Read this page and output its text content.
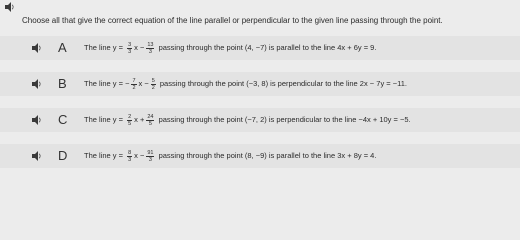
Choose all that give the correct equation of the line parallel or perpendicular to the given line passing through the point.
A The line $y = \frac{3}{3}$ $x - \frac{13}{3}$ passing through the point (4, −7) is parallel to the line 4x + 6y = 9.
B The line y = − $\frac{7}{2}$ $x - \frac{5}{2}$ passing through the point (−3, 8) is perpendicular to the line 2x − 7y = −11.
C The line $y = \frac{2}{5}$ $x + \frac{24}{5}$ passing through the point (−7, 2) is perpendicular to the line −4x + 10y = −5.
D The line $y = \frac{8}{3}$ $x - \frac{91}{3}$ passing through the point (8, −9) is parallel to the line 3x + 8y = 4.
